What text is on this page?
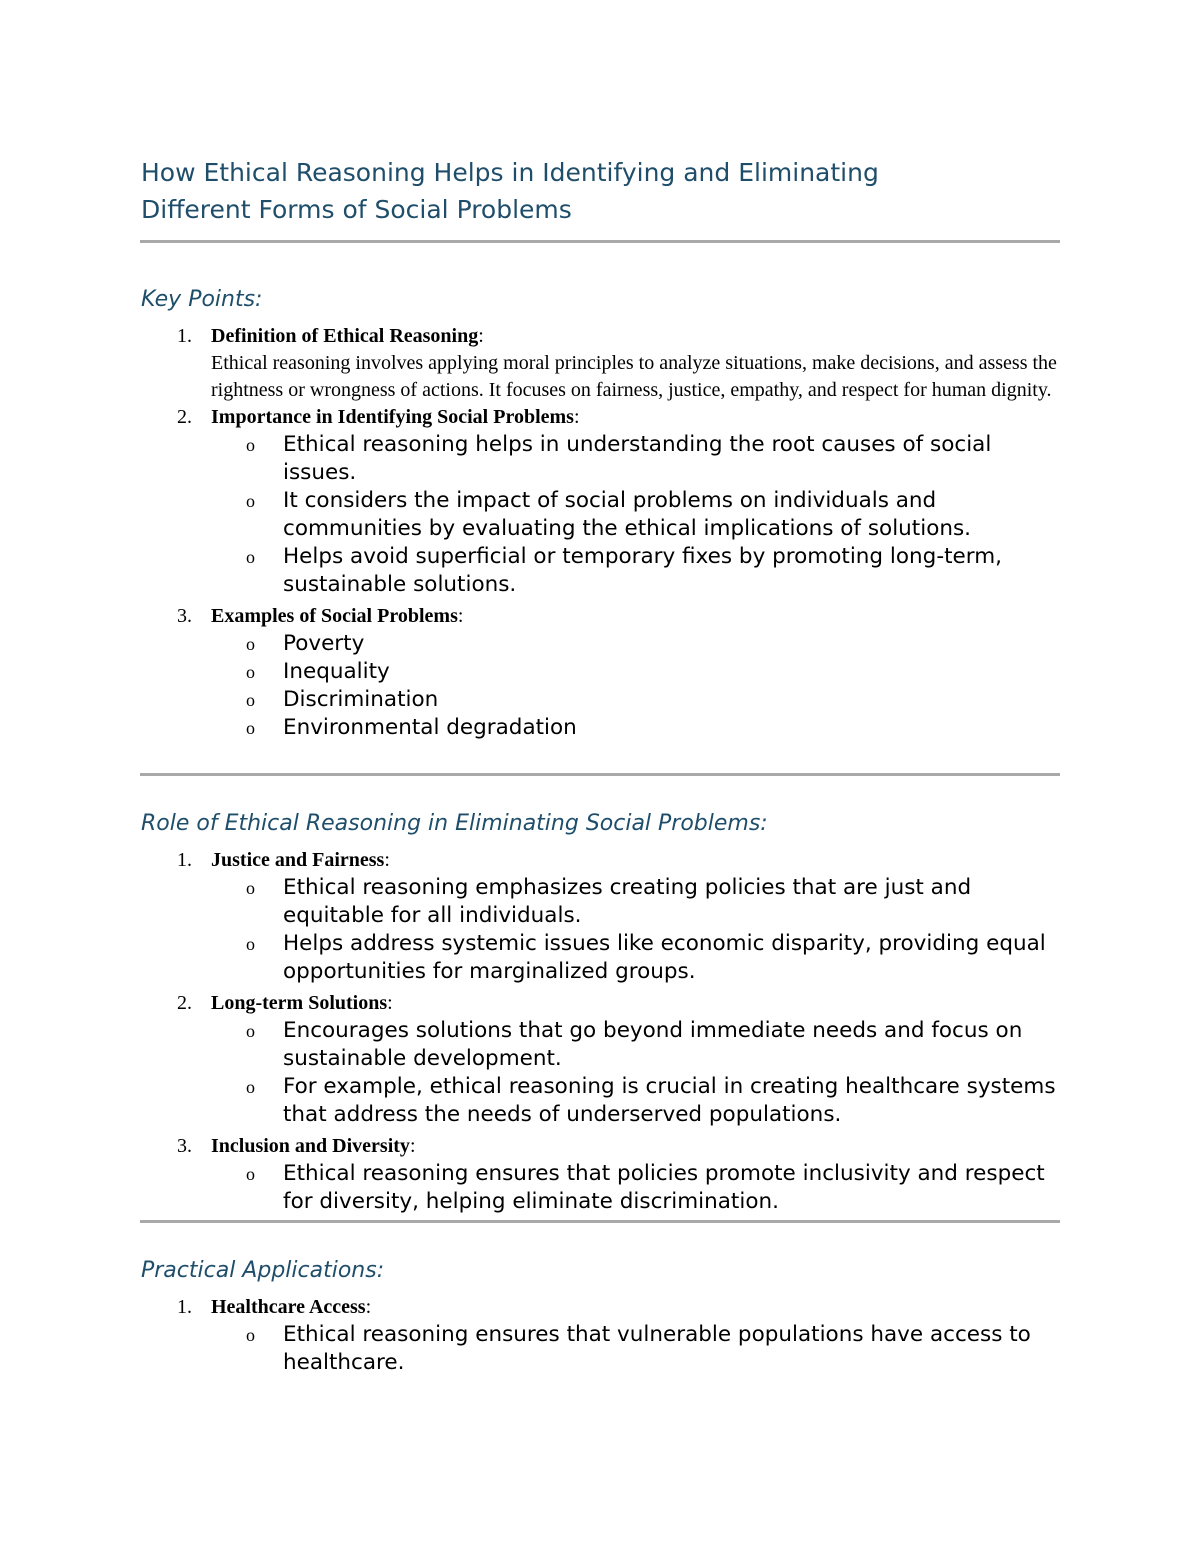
How Ethical Reasoning Helps in Identifying and Eliminating
Different Forms of Social Problems
Key Points:
1. Definition of Ethical Reasoning:
Ethical reasoning involves applying moral principles to analyze situations, make decisions, and assess the rightness or wrongness of actions. It focuses on fairness, justice, empathy, and respect for human dignity.
2. Importance in Identifying Social Problems:
o Ethical reasoning helps in understanding the root causes of social issues.
o It considers the impact of social problems on individuals and communities by evaluating the ethical implications of solutions.
o Helps avoid superficial or temporary fixes by promoting long-term, sustainable solutions.
3. Examples of Social Problems:
o Poverty
o Inequality
o Discrimination
o Environmental degradation
Role of Ethical Reasoning in Eliminating Social Problems:
1. Justice and Fairness:
o Ethical reasoning emphasizes creating policies that are just and equitable for all individuals.
o Helps address systemic issues like economic disparity, providing equal opportunities for marginalized groups.
2. Long-term Solutions:
o Encourages solutions that go beyond immediate needs and focus on sustainable development.
o For example, ethical reasoning is crucial in creating healthcare systems that address the needs of underserved populations.
3. Inclusion and Diversity:
o Ethical reasoning ensures that policies promote inclusivity and respect for diversity, helping eliminate discrimination.
Practical Applications:
1. Healthcare Access:
o Ethical reasoning ensures that vulnerable populations have access to healthcare.
